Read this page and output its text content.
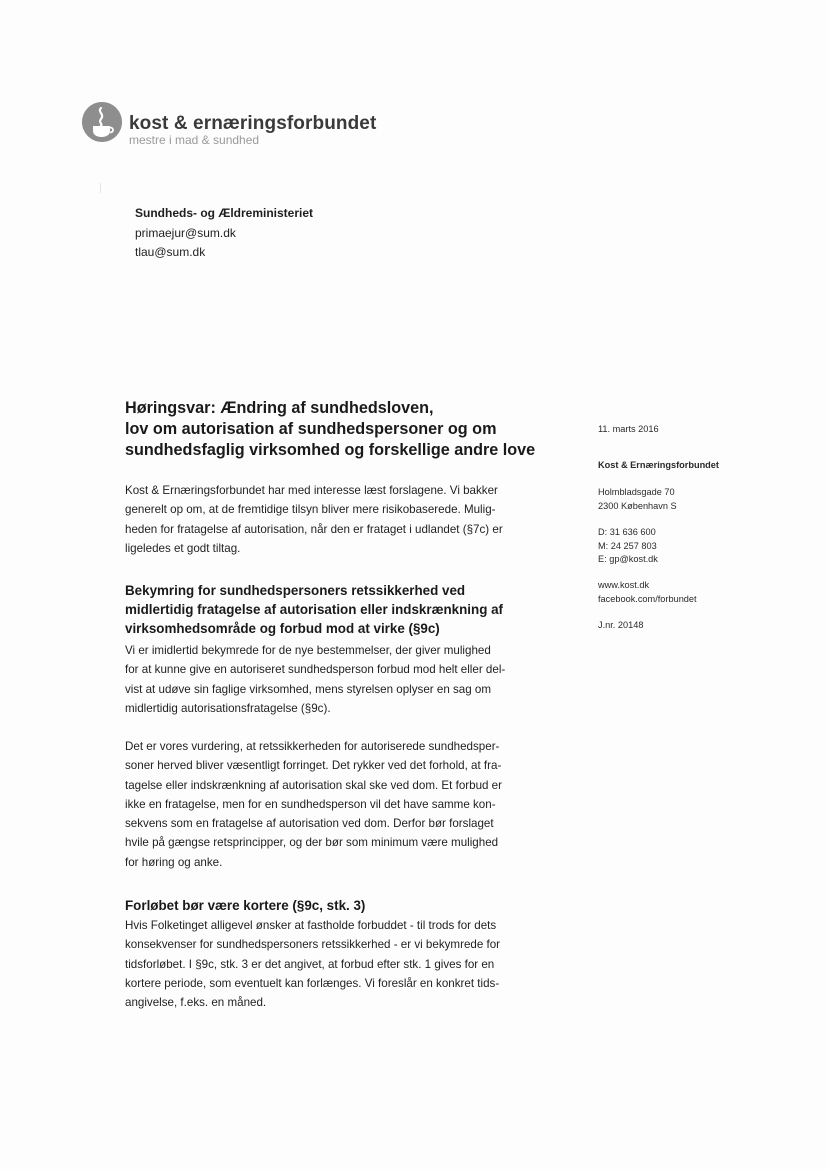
kost & ernæringsforbundet
mestre i mad & sundhed
Sundheds- og Ældreministeriet
primaejur@sum.dk
tlau@sum.dk
Høringsvar: Ændring af sundhedsloven,
lov om autorisation af sundhedspersoner og om
sundhedsfaglig virksomhed og forskellige andre love
Kost & Ernæringsforbundet har med interesse læst forslagene. Vi bakker
generelt op om, at de fremtidige tilsyn bliver mere risikobaserede. Mulig-
heden for fratagelse af autorisation, når den er frataget i udlandet (§7c) er
ligeledes et godt tiltag.
Bekymring for sundhedspersoners retssikkerhed ved
midlertidig fratagelse af autorisation eller indskrænkning af
virksomhedsområde og forbud mod at virke (§9c)
Vi er imidlertid bekymrede for de nye bestemmelser, der giver mulighed
for at kunne give en autoriseret sundhedsperson forbud mod helt eller del-
vist at udøve sin faglige virksomhed, mens styrelsen oplyser en sag om
midlertidig autorisationsfratagelse (§9c).
Det er vores vurdering, at retssikkerheden for autoriserede sundhedsper-
soner herved bliver væsentligt forringet. Det rykker ved det forhold, at fra-
tagelse eller indskrænkning af autorisation skal ske ved dom. Et forbud er
ikke en fratagelse, men for en sundhedsperson vil det have samme kon-
sekvens som en fratagelse af autorisation ved dom. Derfor bør forslaget
hvile på gængse retsprincipper, og der bør som minimum være mulighed
for høring og anke.
Forløbet bør være kortere (§9c, stk. 3)
Hvis Folketinget alligevel ønsker at fastholde forbuddet - til trods for dets
konsekvenser for sundhedspersoners retssikkerhed - er vi bekymrede for
tidsforløbet. I §9c, stk. 3 er det angivet, at forbud efter stk. 1 gives for en
kortere periode, som eventuelt kan forlænges. Vi foreslår en konkret tids-
angivelse, f.eks. en måned.
11. marts 2016
Kost & Ernæringsforbundet
Holmbladsgade 70
2300 København S
D: 31 636 600
M: 24 257 803
E: gp@kost.dk
www.kost.dk
facebook.com/forbundet
J.nr. 20148
